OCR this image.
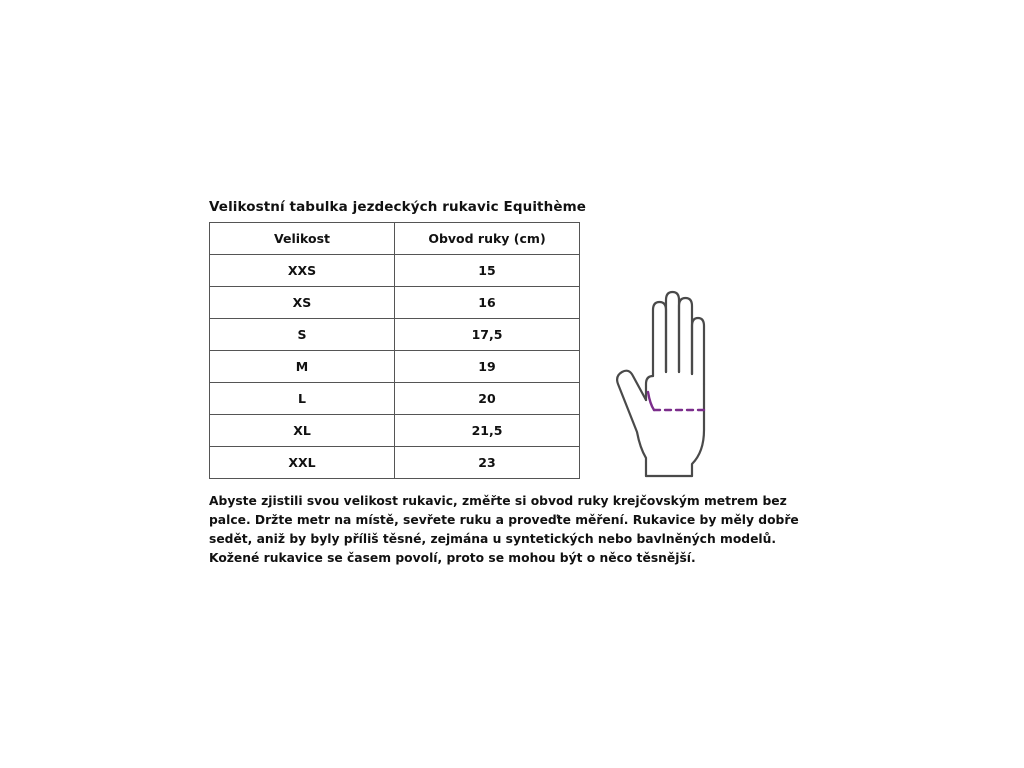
Velikostní tabulka jezdeckých rukavic Equithème
Velikost	Obvod ruky (cm)
XXS	15
XS	16
S	17,5
M	19
L	20
XL	21,5
XXL	23
Abyste zjistili svou velikost rukavic, změřte si obvod ruky krejčovským metrem bez palce. Držte metr na místě, sevřete ruku a proveďte měření. Rukavice by měly dobře sedět, aniž by byly příliš těsné, zejmána u syntetických nebo bavlněných modelů. Kožené rukavice se časem povolí, proto se mohou být o něco těsnější.
